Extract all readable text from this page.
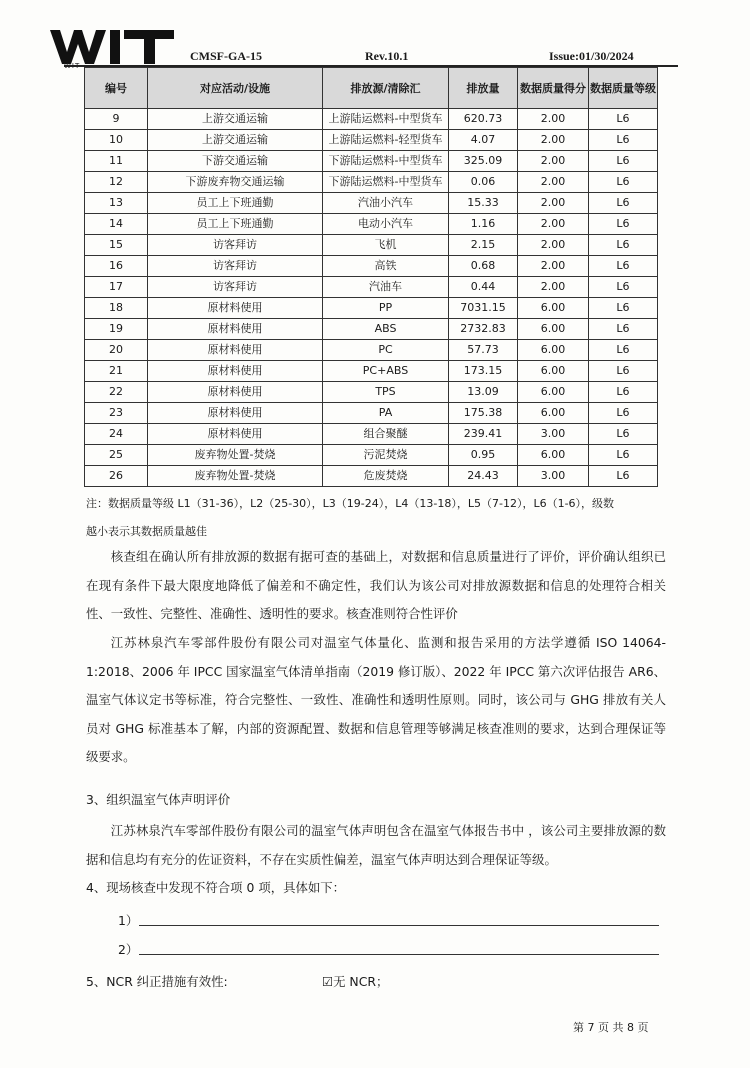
CMSF-GA-15	Rev.10.1	Issue:01/30/2024
编号	对应活动/设施	排放源/清除汇	排放量	数据质量得分	数据质量等级
9	上游交通运输	上游陆运燃料-中型货车	620.73	2.00	L6
10	上游交通运输	上游陆运燃料-轻型货车	4.07	2.00	L6
11	下游交通运输	下游陆运燃料-中型货车	325.09	2.00	L6
12	下游废弃物交通运输	下游陆运燃料-中型货车	0.06	2.00	L6
13	员工上下班通勤	汽油小汽车	15.33	2.00	L6
14	员工上下班通勤	电动小汽车	1.16	2.00	L6
15	访客拜访	飞机	2.15	2.00	L6
16	访客拜访	高铁	0.68	2.00	L6
17	访客拜访	汽油车	0.44	2.00	L6
18	原材料使用	PP	7031.15	6.00	L6
19	原材料使用	ABS	2732.83	6.00	L6
20	原材料使用	PC	57.73	6.00	L6
21	原材料使用	PC+ABS	173.15	6.00	L6
22	原材料使用	TPS	13.09	6.00	L6
23	原材料使用	PA	175.38	6.00	L6
24	原材料使用	组合聚醚	239.41	3.00	L6
25	废弃物处置-焚烧	污泥焚烧	0.95	6.00	L6
26	废弃物处置-焚烧	危废焚烧	24.43	3.00	L6
注：数据质量等级 L1（31-36），L2（25-30），L3（19-24），L4（13-18），L5（7-12），L6（1-6），级数
越小表示其数据质量越佳
核查组在确认所有排放源的数据有据可查的基础上，对数据和信息质量进行了评价，评价确认组织已在现有条件下最大限度地降低了偏差和不确定性，我们认为该公司对排放源数据和信息的处理符合相关性、一致性、完整性、准确性、透明性的要求。核查准则符合性评价
江苏林泉汽车零部件股份有限公司对温室气体量化、监测和报告采用的方法学遵循 ISO 14064-1:2018、2006 年 IPCC 国家温室气体清单指南（2019 修订版）、2022 年 IPCC 第六次评估报告 AR6、温室气体议定书等标准，符合完整性、一致性、准确性和透明性原则。同时，该公司与 GHG 排放有关人员对 GHG 标准基本了解，内部的资源配置、数据和信息管理等够满足核查准则的要求，达到合理保证等级要求。
3、组织温室气体声明评价
江苏林泉汽车零部件股份有限公司的温室气体声明包含在温室气体报告书中 ，该公司主要排放源的数据和信息均有充分的佐证资料，不存在实质性偏差，温室气体声明达到合理保证等级。
4、现场核查中发现不符合项 0 项，具体如下：
1）
2）
5、NCR 纠正措施有效性:	☑无 NCR；
第 7 页 共 8 页
